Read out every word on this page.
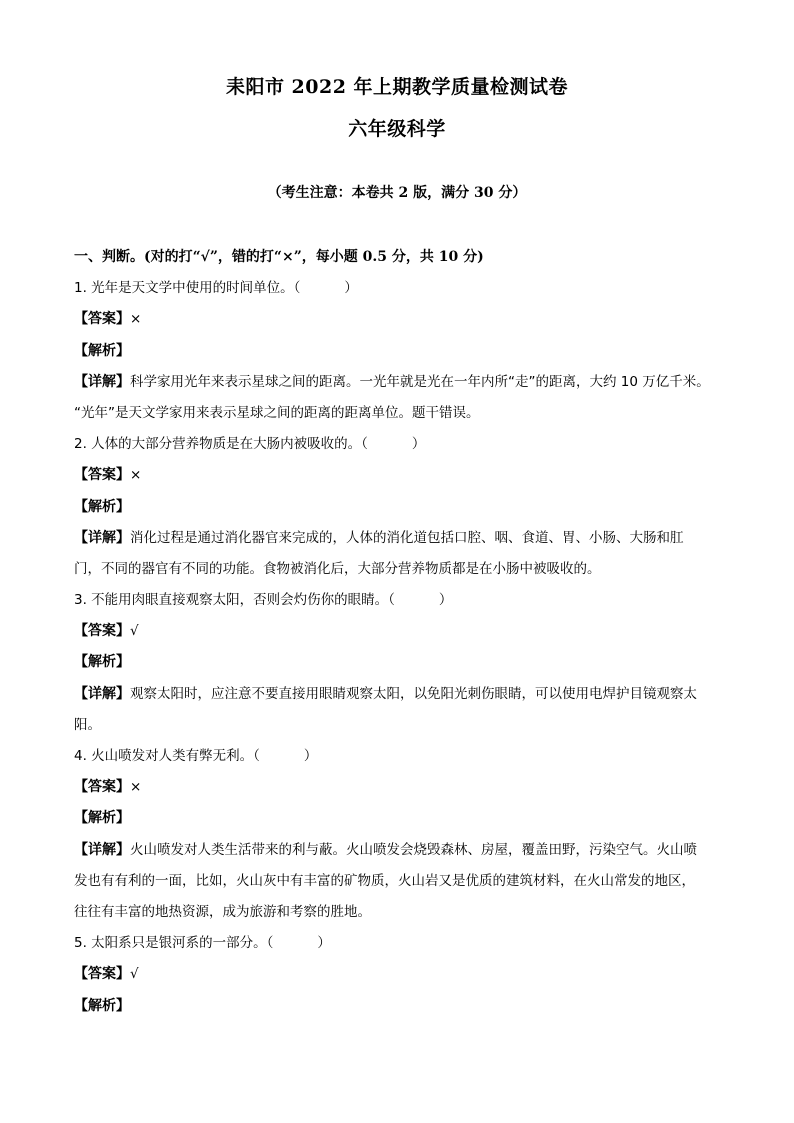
耒阳市 2022 年上期教学质量检测试卷
六年级科学
（考生注意：本卷共 2 版，满分 30 分）
一、判断。(对的打“√”，错的打“×”，每小题 0.5 分，共 10 分)
1. 光年是天文学中使用的时间单位。（	）
【答案】×
【解析】
【详解】科学家用光年来表示星球之间的距离。一光年就是光在一年内所“走”的距离，大约 10 万亿千米。
“光年”是天文学家用来表示星球之间的距离的距离单位。题干错误。
2. 人体的大部分营养物质是在大肠内被吸收的。（	）
【答案】×
【解析】
【详解】消化过程是通过消化器官来完成的，人体的消化道包括口腔、咽、食道、胃、小肠、大肠和肛
门，不同的器官有不同的功能。食物被消化后，大部分营养物质都是在小肠中被吸收的。
3. 不能用肉眼直接观察太阳，否则会灼伤你的眼睛。（	）
【答案】√
【解析】
【详解】观察太阳时，应注意不要直接用眼睛观察太阳，以免阳光刺伤眼睛，可以使用电焊护目镜观察太
阳。
4. 火山喷发对人类有弊无利。（	）
【答案】×
【解析】
【详解】火山喷发对人类生活带来的利与蔽。火山喷发会烧毁森林、房屋，覆盖田野，污染空气。火山喷
发也有有利的一面，比如，火山灰中有丰富的矿物质，火山岩又是优质的建筑材料，在火山常发的地区，
往往有丰富的地热资源，成为旅游和考察的胜地。
5. 太阳系只是银河系的一部分。（	）
【答案】√
【解析】
